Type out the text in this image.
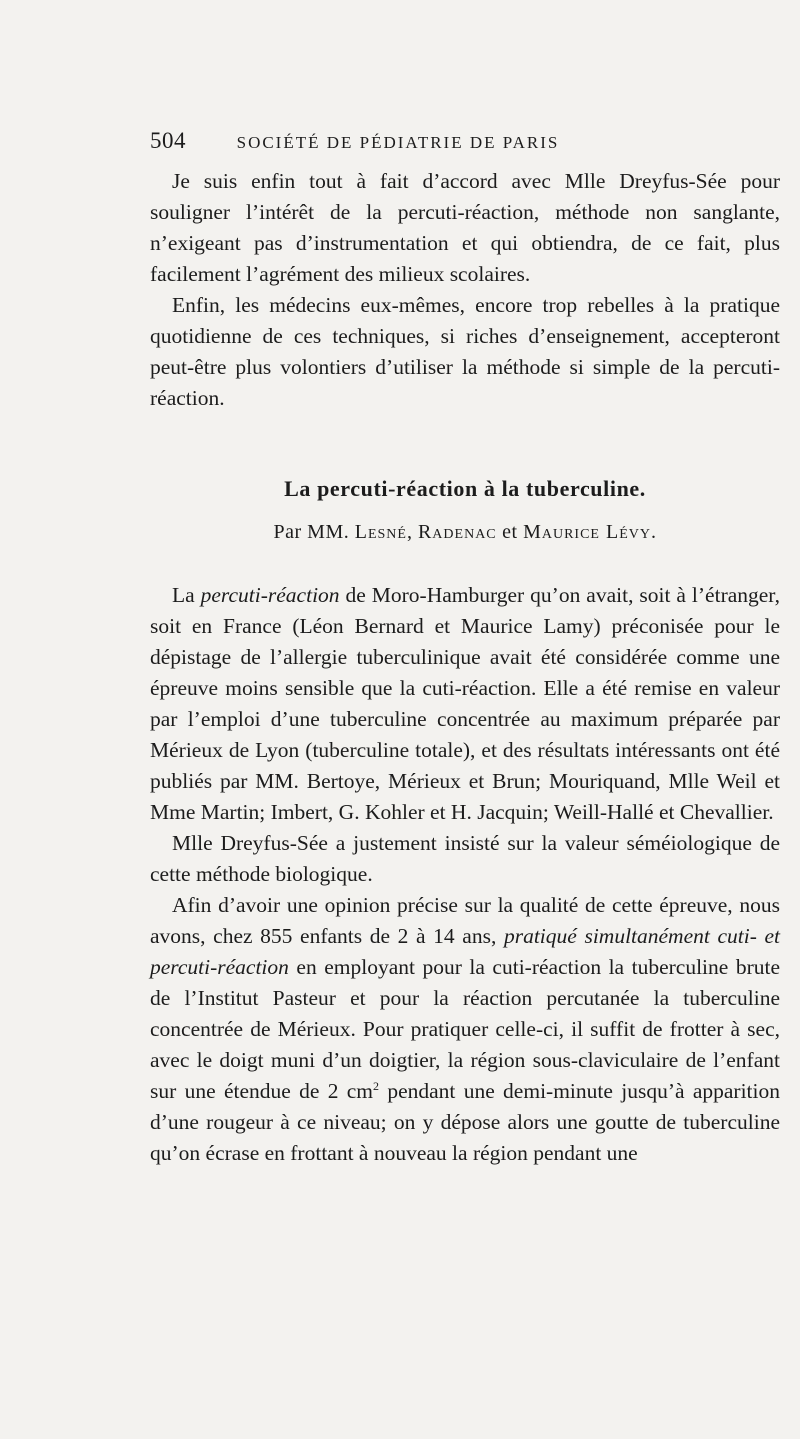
504	SOCIÉTÉ DE PÉDIATRIE DE PARIS

Je suis enfin tout à fait d’accord avec Mlle Dreyfus-Sée pour souligner l’intérêt de la percuti-réaction, méthode non sanglante, n’exigeant pas d’instrumentation et qui obtiendra, de ce fait, plus facilement l’agrément des milieux scolaires.

Enfin, les médecins eux-mêmes, encore trop rebelles à la pratique quotidienne de ces techniques, si riches d’enseignement, accepteront peut-être plus volontiers d’utiliser la méthode si simple de la percuti-réaction.

La percuti-réaction à la tuberculine.
Par MM. Lesné, Radenac et Maurice Lévy.

La percuti-réaction de Moro-Hamburger qu’on avait, soit à l’étranger, soit en France (Léon Bernard et Maurice Lamy) préconisée pour le dépistage de l’allergie tuberculinique avait été considérée comme une épreuve moins sensible que la cuti-réaction. Elle a été remise en valeur par l’emploi d’une tuberculine concentrée au maximum préparée par Mérieux de Lyon (tuberculine totale), et des résultats intéressants ont été publiés par MM. Bertoye, Mérieux et Brun; Mouriquand, Mlle Weil et Mme Martin; Imbert, G. Kohler et H. Jacquin; Weill-Hallé et Chevallier.

Mlle Dreyfus-Sée a justement insisté sur la valeur séméiologique de cette méthode biologique.

Afin d’avoir une opinion précise sur la qualité de cette épreuve, nous avons, chez 855 enfants de 2 à 14 ans, pratiqué simultanément cuti- et percuti-réaction en employant pour la cuti-réaction la tuberculine brute de l’Institut Pasteur et pour la réaction percutanée la tuberculine concentrée de Mérieux. Pour pratiquer celle-ci, il suffit de frotter à sec, avec le doigt muni d’un doigtier, la région sous-claviculaire de l’enfant sur une étendue de 2 $cm^2$ pendant une demi-minute jusqu’à apparition d’une rougeur à ce niveau; on y dépose alors une goutte de tuberculine qu’on écrase en frottant à nouveau la région pendant une
